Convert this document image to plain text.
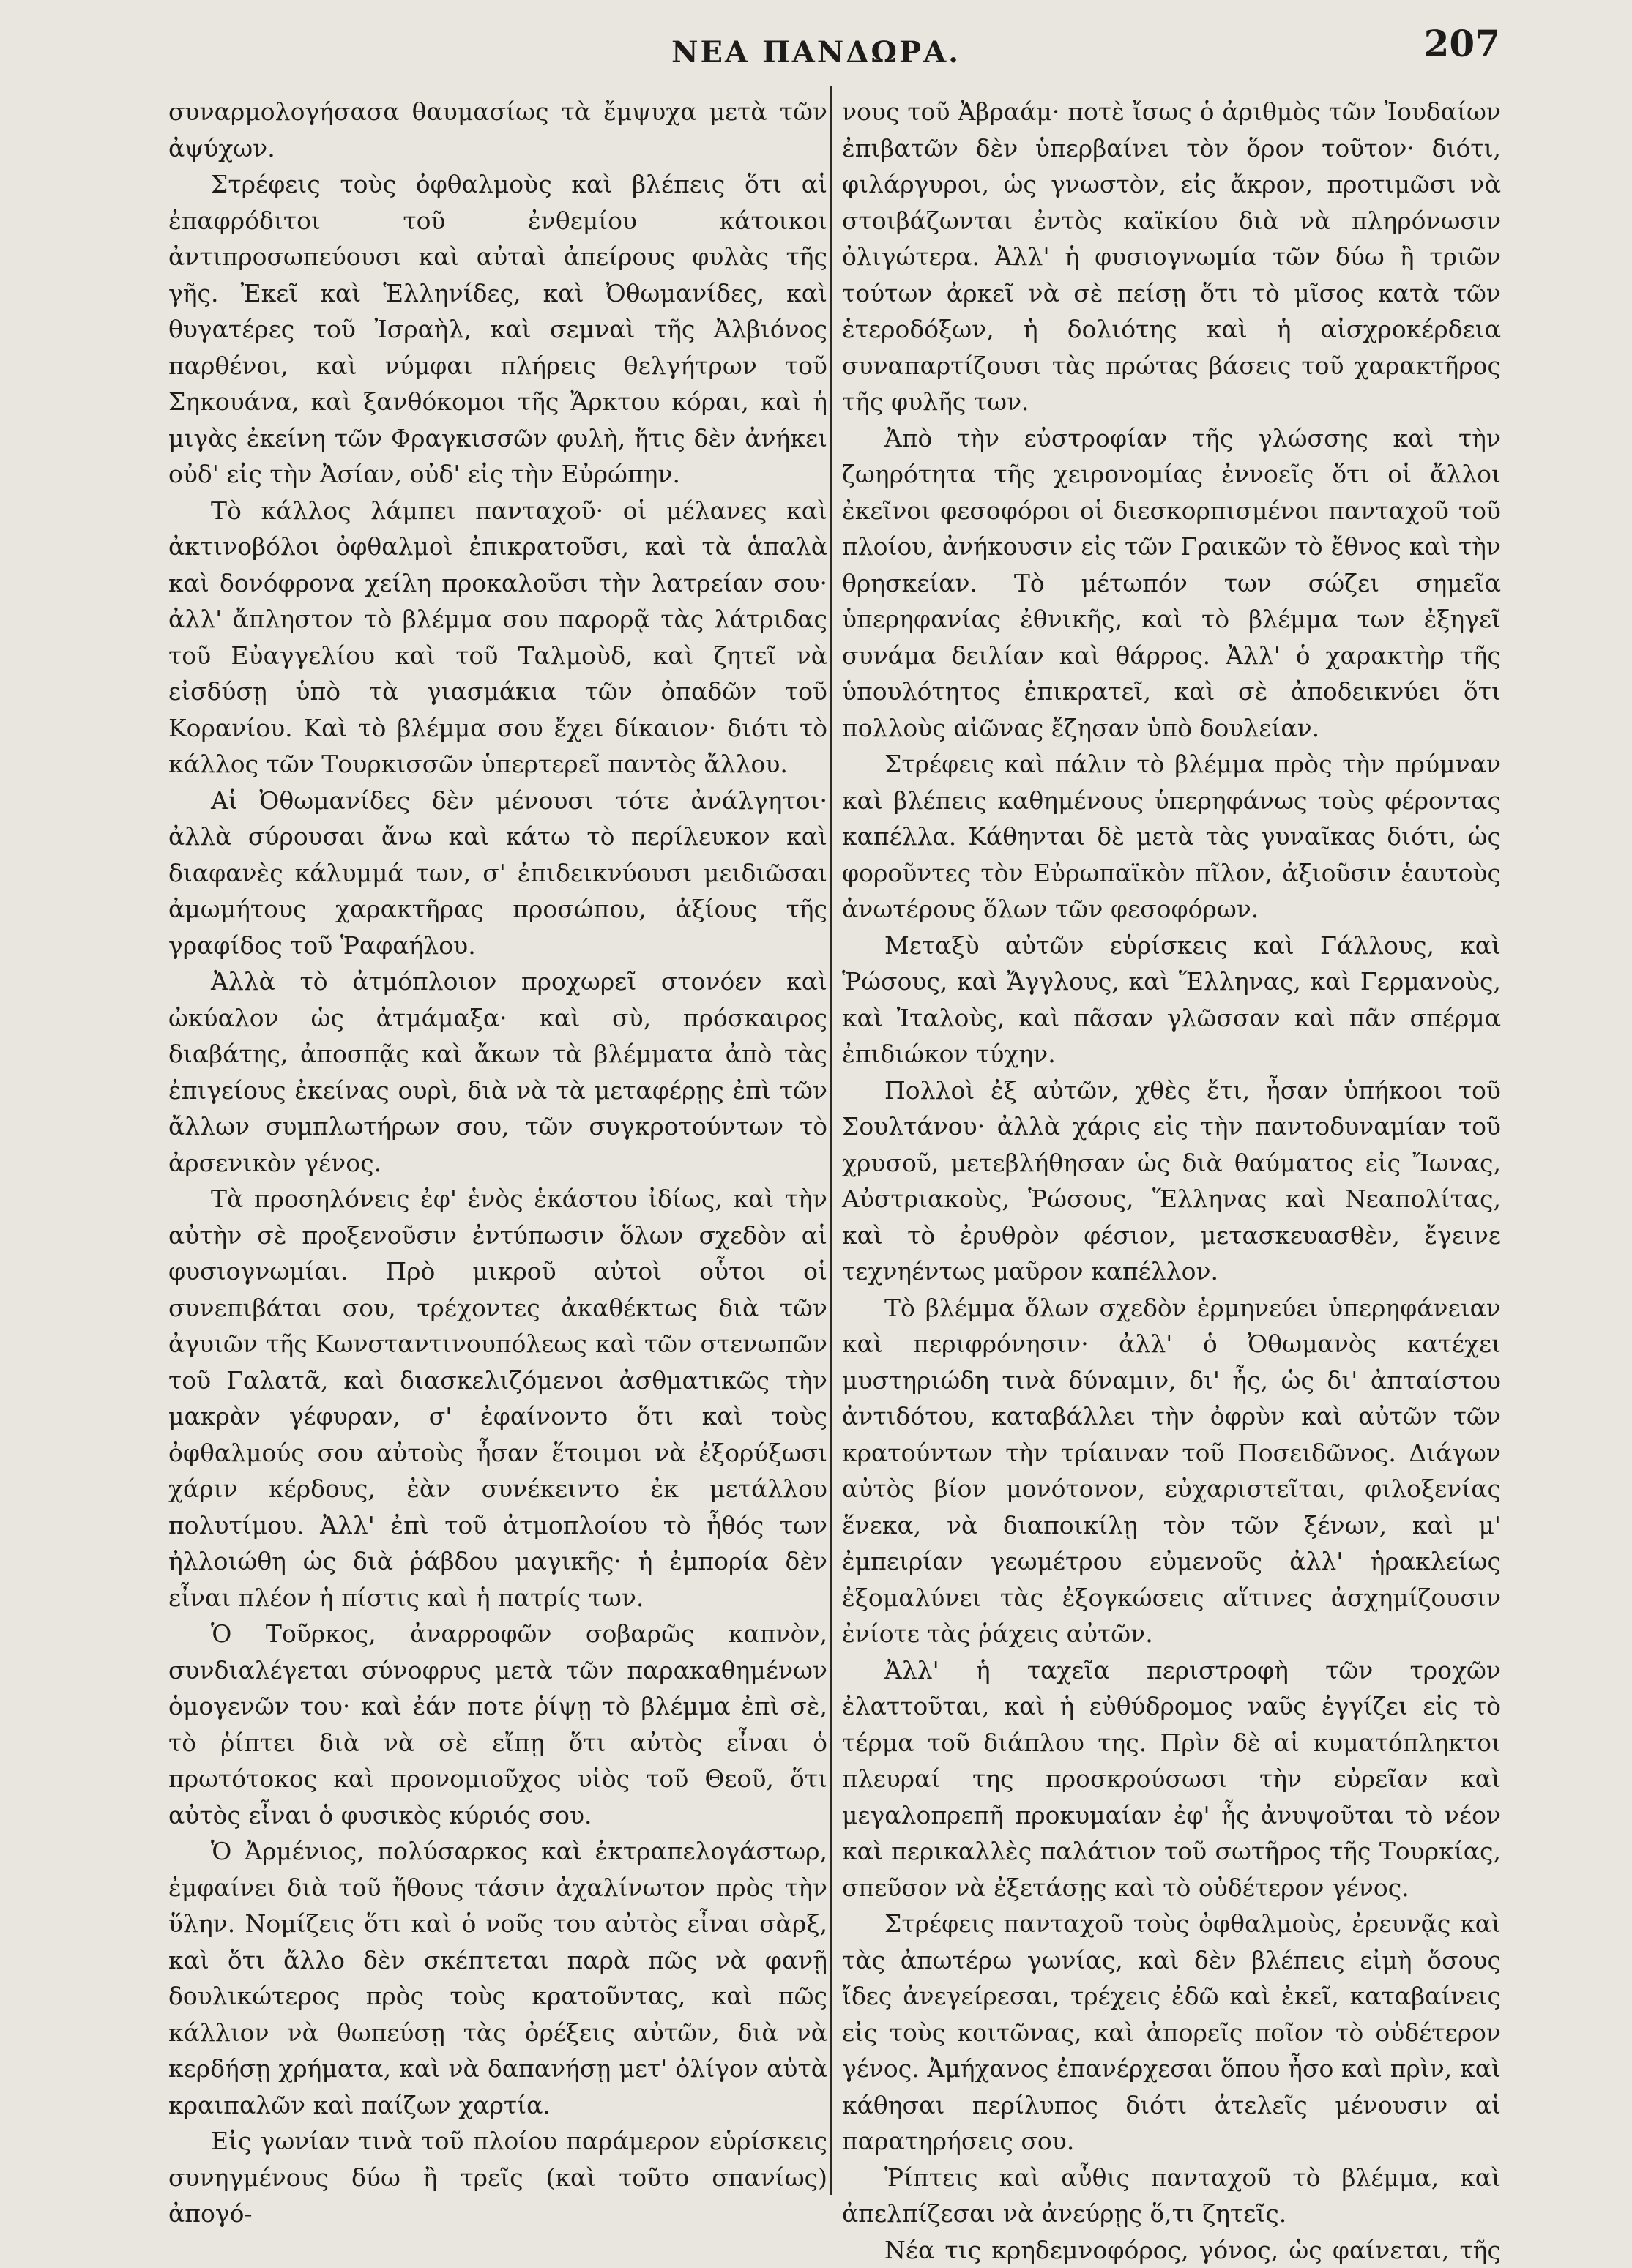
ΝΕΑ ΠΑΝΔΩΡΑ.	207

συναρμολογήσασα θαυμασίως τὰ ἔμψυχα μετὰ τῶν ἀψύχων.

Στρέφεις τοὺς ὀφθαλμοὺς καὶ βλέπεις ὅτι αἱ ἐπαφρόδιτοι τοῦ ἐνθεμίου κάτοικοι ἀντιπροσωπεύουσι καὶ αὐταὶ ἀπείρους φυλὰς τῆς γῆς. Ἐκεῖ καὶ Ἑλληνίδες, καὶ Ὀθωμανίδες, καὶ θυγατέρες τοῦ Ἰσραὴλ, καὶ σεμναὶ τῆς Ἀλβιόνος παρθένοι, καὶ νύμφαι πλήρεις θελγήτρων τοῦ Σηκουάνα, καὶ ξανθόκομοι τῆς Ἄρκτου κόραι, καὶ ἡ μιγὰς ἐκείνη τῶν Φραγκισσῶν φυλὴ, ἥτις δὲν ἀνήκει οὐδ' εἰς τὴν Ἀσίαν, οὐδ' εἰς τὴν Εὐρώπην.

Τὸ κάλλος λάμπει πανταχοῦ· οἱ μέλανες καὶ ἀκτινοβόλοι ὀφθαλμοὶ ἐπικρατοῦσι, καὶ τὰ ἁπαλὰ καὶ δονόφρονα χείλη προκαλοῦσι τὴν λατρείαν σου· ἀλλ' ἄπληστον τὸ βλέμμα σου παρορᾷ τὰς λάτριδας τοῦ Εὐαγγελίου καὶ τοῦ Ταλμοὺδ, καὶ ζητεῖ νὰ εἰσδύσῃ ὑπὸ τὰ γιασμάκια τῶν ὀπαδῶν τοῦ Κορανίου. Καὶ τὸ βλέμμα σου ἔχει δίκαιον· διότι τὸ κάλλος τῶν Τουρκισσῶν ὑπερτερεῖ παντὸς ἄλλου.

Αἱ Ὀθωμανίδες δὲν μένουσι τότε ἀνάλγητοι· ἀλλὰ σύρουσαι ἄνω καὶ κάτω τὸ περίλευκον καὶ διαφανὲς κάλυμμά των, σ' ἐπιδεικνύουσι μειδιῶσαι ἀμωμήτους χαρακτῆρας προσώπου, ἀξίους τῆς γραφίδος τοῦ Ῥαφαήλου.

Ἀλλὰ τὸ ἀτμόπλοιον προχωρεῖ στονόεν καὶ ὠκύαλον ὡς ἀτμάμαξα· καὶ σὺ, πρόσκαιρος διαβάτης, ἀποσπᾷς καὶ ἄκων τὰ βλέμματα ἀπὸ τὰς ἐπιγείους ἐκείνας ουρὶ, διὰ νὰ τὰ μεταφέρῃς ἐπὶ τῶν ἄλλων συμπλωτήρων σου, τῶν συγκροτούντων τὸ ἀρσενικὸν γένος.

Τὰ προσηλόνεις ἐφ' ἑνὸς ἑκάστου ἰδίως, καὶ τὴν αὐτὴν σὲ προξενοῦσιν ἐντύπωσιν ὅλων σχεδὸν αἱ φυσιογνωμίαι. Πρὸ μικροῦ αὐτοὶ οὗτοι οἱ συνεπιβάται σου, τρέχοντες ἀκαθέκτως διὰ τῶν ἀγυιῶν τῆς Κωνσταντινουπόλεως καὶ τῶν στενωπῶν τοῦ Γαλατᾶ, καὶ διασκελιζόμενοι ἀσθματικῶς τὴν μακρὰν γέφυραν, σ' ἐφαίνοντο ὅτι καὶ τοὺς ὀφθαλμούς σου αὐτοὺς ἦσαν ἕτοιμοι νὰ ἐξορύξωσι χάριν κέρδους, ἐὰν συνέκειντο ἐκ μετάλλου πολυτίμου. Ἀλλ' ἐπὶ τοῦ ἀτμοπλοίου τὸ ἦθός των ἠλλοιώθη ὡς διὰ ῥάβδου μαγικῆς· ἡ ἐμπορία δὲν εἶναι πλέον ἡ πίστις καὶ ἡ πατρίς των.

Ὁ Τοῦρκος, ἀναρροφῶν σοβαρῶς καπνὸν, συνδιαλέγεται σύνοφρυς μετὰ τῶν παρακαθημένων ὁμογενῶν του· καὶ ἐάν ποτε ῥίψῃ τὸ βλέμμα ἐπὶ σὲ, τὸ ῥίπτει διὰ νὰ σὲ εἴπῃ ὅτι αὐτὸς εἶναι ὁ πρωτότοκος καὶ προνομιοῦχος υἱὸς τοῦ Θεοῦ, ὅτι αὐτὸς εἶναι ὁ φυσικὸς κύριός σου.

Ὁ Ἀρμένιος, πολύσαρκος καὶ ἐκτραπελογάστωρ, ἐμφαίνει διὰ τοῦ ἤθους τάσιν ἀχαλίνωτον πρὸς τὴν ὕλην. Νομίζεις ὅτι καὶ ὁ νοῦς του αὐτὸς εἶναι σὰρξ, καὶ ὅτι ἄλλο δὲν σκέπτεται παρὰ πῶς νὰ φανῇ δουλικώτερος πρὸς τοὺς κρατοῦντας, καὶ πῶς κάλλιον νὰ θωπεύσῃ τὰς ὀρέξεις αὐτῶν, διὰ νὰ κερδήσῃ χρήματα, καὶ νὰ δαπανήσῃ μετ' ὀλίγον αὐτὰ κραιπαλῶν καὶ παίζων χαρτία.

Εἰς γωνίαν τινὰ τοῦ πλοίου παράμερον εὑρίσκεις συνηγμένους δύω ἢ τρεῖς (καὶ τοῦτο σπανίως) ἀπογό-

νους τοῦ Ἀβραάμ· ποτὲ ἴσως ὁ ἀριθμὸς τῶν Ἰουδαίων ἐπιβατῶν δὲν ὑπερβαίνει τὸν ὅρον τοῦτον· διότι, φιλάργυροι, ὡς γνωστὸν, εἰς ἄκρον, προτιμῶσι νὰ στοιβάζωνται ἐντὸς καϊκίου διὰ νὰ πληρόνωσιν ὀλιγώτερα. Ἀλλ' ἡ φυσιογνωμία τῶν δύω ἢ τριῶν τούτων ἀρκεῖ νὰ σὲ πείσῃ ὅτι τὸ μῖσος κατὰ τῶν ἑτεροδόξων, ἡ δολιότης καὶ ἡ αἰσχροκέρδεια συναπαρτίζουσι τὰς πρώτας βάσεις τοῦ χαρακτῆρος τῆς φυλῆς των.

Ἀπὸ τὴν εὐστροφίαν τῆς γλώσσης καὶ τὴν ζωηρότητα τῆς χειρονομίας ἐννοεῖς ὅτι οἱ ἄλλοι ἐκεῖνοι φεσοφόροι οἱ διεσκορπισμένοι πανταχοῦ τοῦ πλοίου, ἀνήκουσιν εἰς τῶν Γραικῶν τὸ ἔθνος καὶ τὴν θρησκείαν. Τὸ μέτωπόν των σώζει σημεῖα ὑπερηφανίας ἐθνικῆς, καὶ τὸ βλέμμα των ἐξηγεῖ συνάμα δειλίαν καὶ θάρρος. Ἀλλ' ὁ χαρακτὴρ τῆς ὑπουλότητος ἐπικρατεῖ, καὶ σὲ ἀποδεικνύει ὅτι πολλοὺς αἰῶνας ἔζησαν ὑπὸ δουλείαν.

Στρέφεις καὶ πάλιν τὸ βλέμμα πρὸς τὴν πρύμναν καὶ βλέπεις καθημένους ὑπερηφάνως τοὺς φέροντας καπέλλα. Κάθηνται δὲ μετὰ τὰς γυναῖκας διότι, ὡς φοροῦντες τὸν Εὐρωπαϊκὸν πῖλον, ἀξιοῦσιν ἑαυτοὺς ἀνωτέρους ὅλων τῶν φεσοφόρων.

Μεταξὺ αὐτῶν εὑρίσκεις καὶ Γάλλους, καὶ Ῥώσους, καὶ Ἄγγλους, καὶ Ἕλληνας, καὶ Γερμανοὺς, καὶ Ἰταλοὺς, καὶ πᾶσαν γλῶσσαν καὶ πᾶν σπέρμα ἐπιδιώκον τύχην.

Πολλοὶ ἐξ αὐτῶν, χθὲς ἔτι, ἦσαν ὑπήκοοι τοῦ Σουλτάνου· ἀλλὰ χάρις εἰς τὴν παντοδυναμίαν τοῦ χρυσοῦ, μετεβλήθησαν ὡς διὰ θαύματος εἰς Ἴωνας, Αὐστριακοὺς, Ῥώσους, Ἕλληνας καὶ Νεαπολίτας, καὶ τὸ ἐρυθρὸν φέσιον, μετασκευασθὲν, ἔγεινε τεχνηέντως μαῦρον καπέλλον.

Τὸ βλέμμα ὅλων σχεδὸν ἑρμηνεύει ὑπερηφάνειαν καὶ περιφρόνησιν· ἀλλ' ὁ Ὀθωμανὸς κατέχει μυστηριώδη τινὰ δύναμιν, δι' ἧς, ὡς δι' ἀπταίστου ἀντιδότου, καταβάλλει τὴν ὀφρὺν καὶ αὐτῶν τῶν κρατούντων τὴν τρίαιναν τοῦ Ποσειδῶνος. Διάγων αὐτὸς βίον μονότονον, εὐχαριστεῖται, φιλοξενίας ἕνεκα, νὰ διαποικίλῃ τὸν τῶν ξένων, καὶ μ' ἐμπειρίαν γεωμέτρου εὐμενοῦς ἀλλ' ἡρακλείως ἐξομαλύνει τὰς ἐξογκώσεις αἵτινες ἀσχημίζουσιν ἐνίοτε τὰς ῥάχεις αὐτῶν.

Ἀλλ' ἡ ταχεῖα περιστροφὴ τῶν τροχῶν ἐλαττοῦται, καὶ ἡ εὐθύδρομος ναῦς ἐγγίζει εἰς τὸ τέρμα τοῦ διάπλου της. Πρὶν δὲ αἱ κυματόπληκτοι πλευραί της προσκρούσωσι τὴν εὐρεῖαν καὶ μεγαλοπρεπῆ προκυμαίαν ἐφ' ἧς ἀνυψοῦται τὸ νέον καὶ περικαλλὲς παλάτιον τοῦ σωτῆρος τῆς Τουρκίας, σπεῦσον νὰ ἐξετάσῃς καὶ τὸ οὐδέτερον γένος.

Στρέφεις πανταχοῦ τοὺς ὀφθαλμοὺς, ἐρευνᾷς καὶ τὰς ἀπωτέρω γωνίας, καὶ δὲν βλέπεις εἰμὴ ὅσους ἴδες ἀνεγείρεσαι, τρέχεις ἐδῶ καὶ ἐκεῖ, καταβαίνεις εἰς τοὺς κοιτῶνας, καὶ ἀπορεῖς ποῖον τὸ οὐδέτερον γένος. Ἀμήχανος ἐπανέρχεσαι ὅπου ἦσο καὶ πρὶν, καὶ κάθησαι περίλυπος διότι ἀτελεῖς μένουσιν αἱ παρατηρήσεις σου.

Ῥίπτεις καὶ αὖθις πανταχοῦ τὸ βλέμμα, καὶ ἀπελπίζεσαι νὰ ἀνεύρῃς ὅ,τι ζητεῖς.

Νέα τις κρηδεμνοφόρος, γόνος, ὡς φαίνεται, τῆς
